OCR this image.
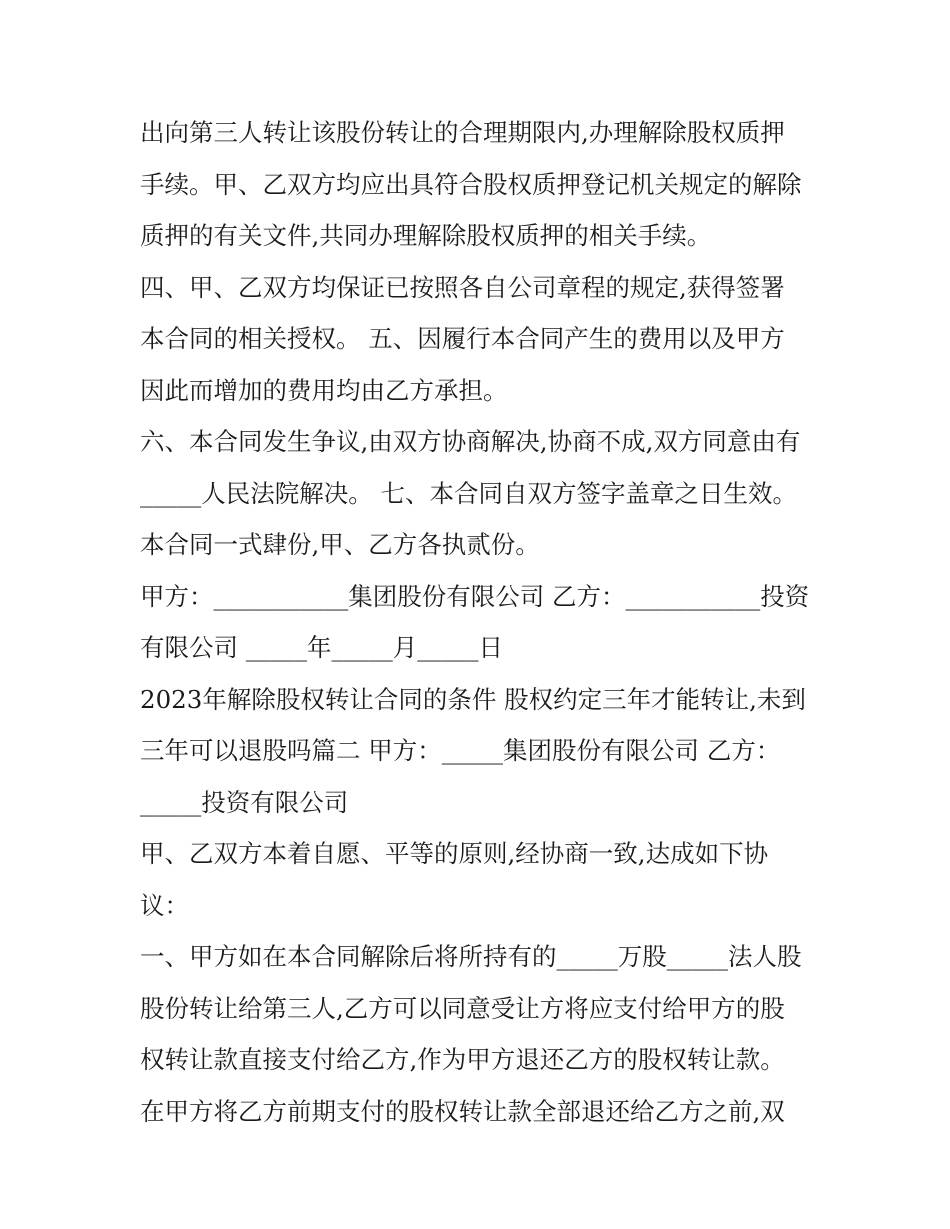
出向第三人转让该股份转让的合理期限内,办理解除股权质押
手续。甲、乙双方均应出具符合股权质押登记机关规定的解除
质押的有关文件,共同办理解除股权质押的相关手续。
四、甲、乙双方均保证已按照各自公司章程的规定,获得签署
本合同的相关授权。 五、因履行本合同产生的费用以及甲方
因此而增加的费用均由乙方承担。
六、本合同发生争议,由双方协商解决,协商不成,双方同意由有
_____人民法院解决。 七、本合同自双方签字盖章之日生效。
本合同一式肆份,甲、乙方各执贰份。
甲方：___________集团股份有限公司 乙方：___________投资
有限公司 _____年_____月_____日
2023年解除股权转让合同的条件 股权约定三年才能转让,未到
三年可以退股吗篇二 甲方：_____集团股份有限公司 乙方：
_____投资有限公司
甲、乙双方本着自愿、平等的原则,经协商一致,达成如下协
议：
一、甲方如在本合同解除后将所持有的_____万股_____法人股
股份转让给第三人,乙方可以同意受让方将应支付给甲方的股
权转让款直接支付给乙方,作为甲方退还乙方的股权转让款。
在甲方将乙方前期支付的股权转让款全部退还给乙方之前,双
